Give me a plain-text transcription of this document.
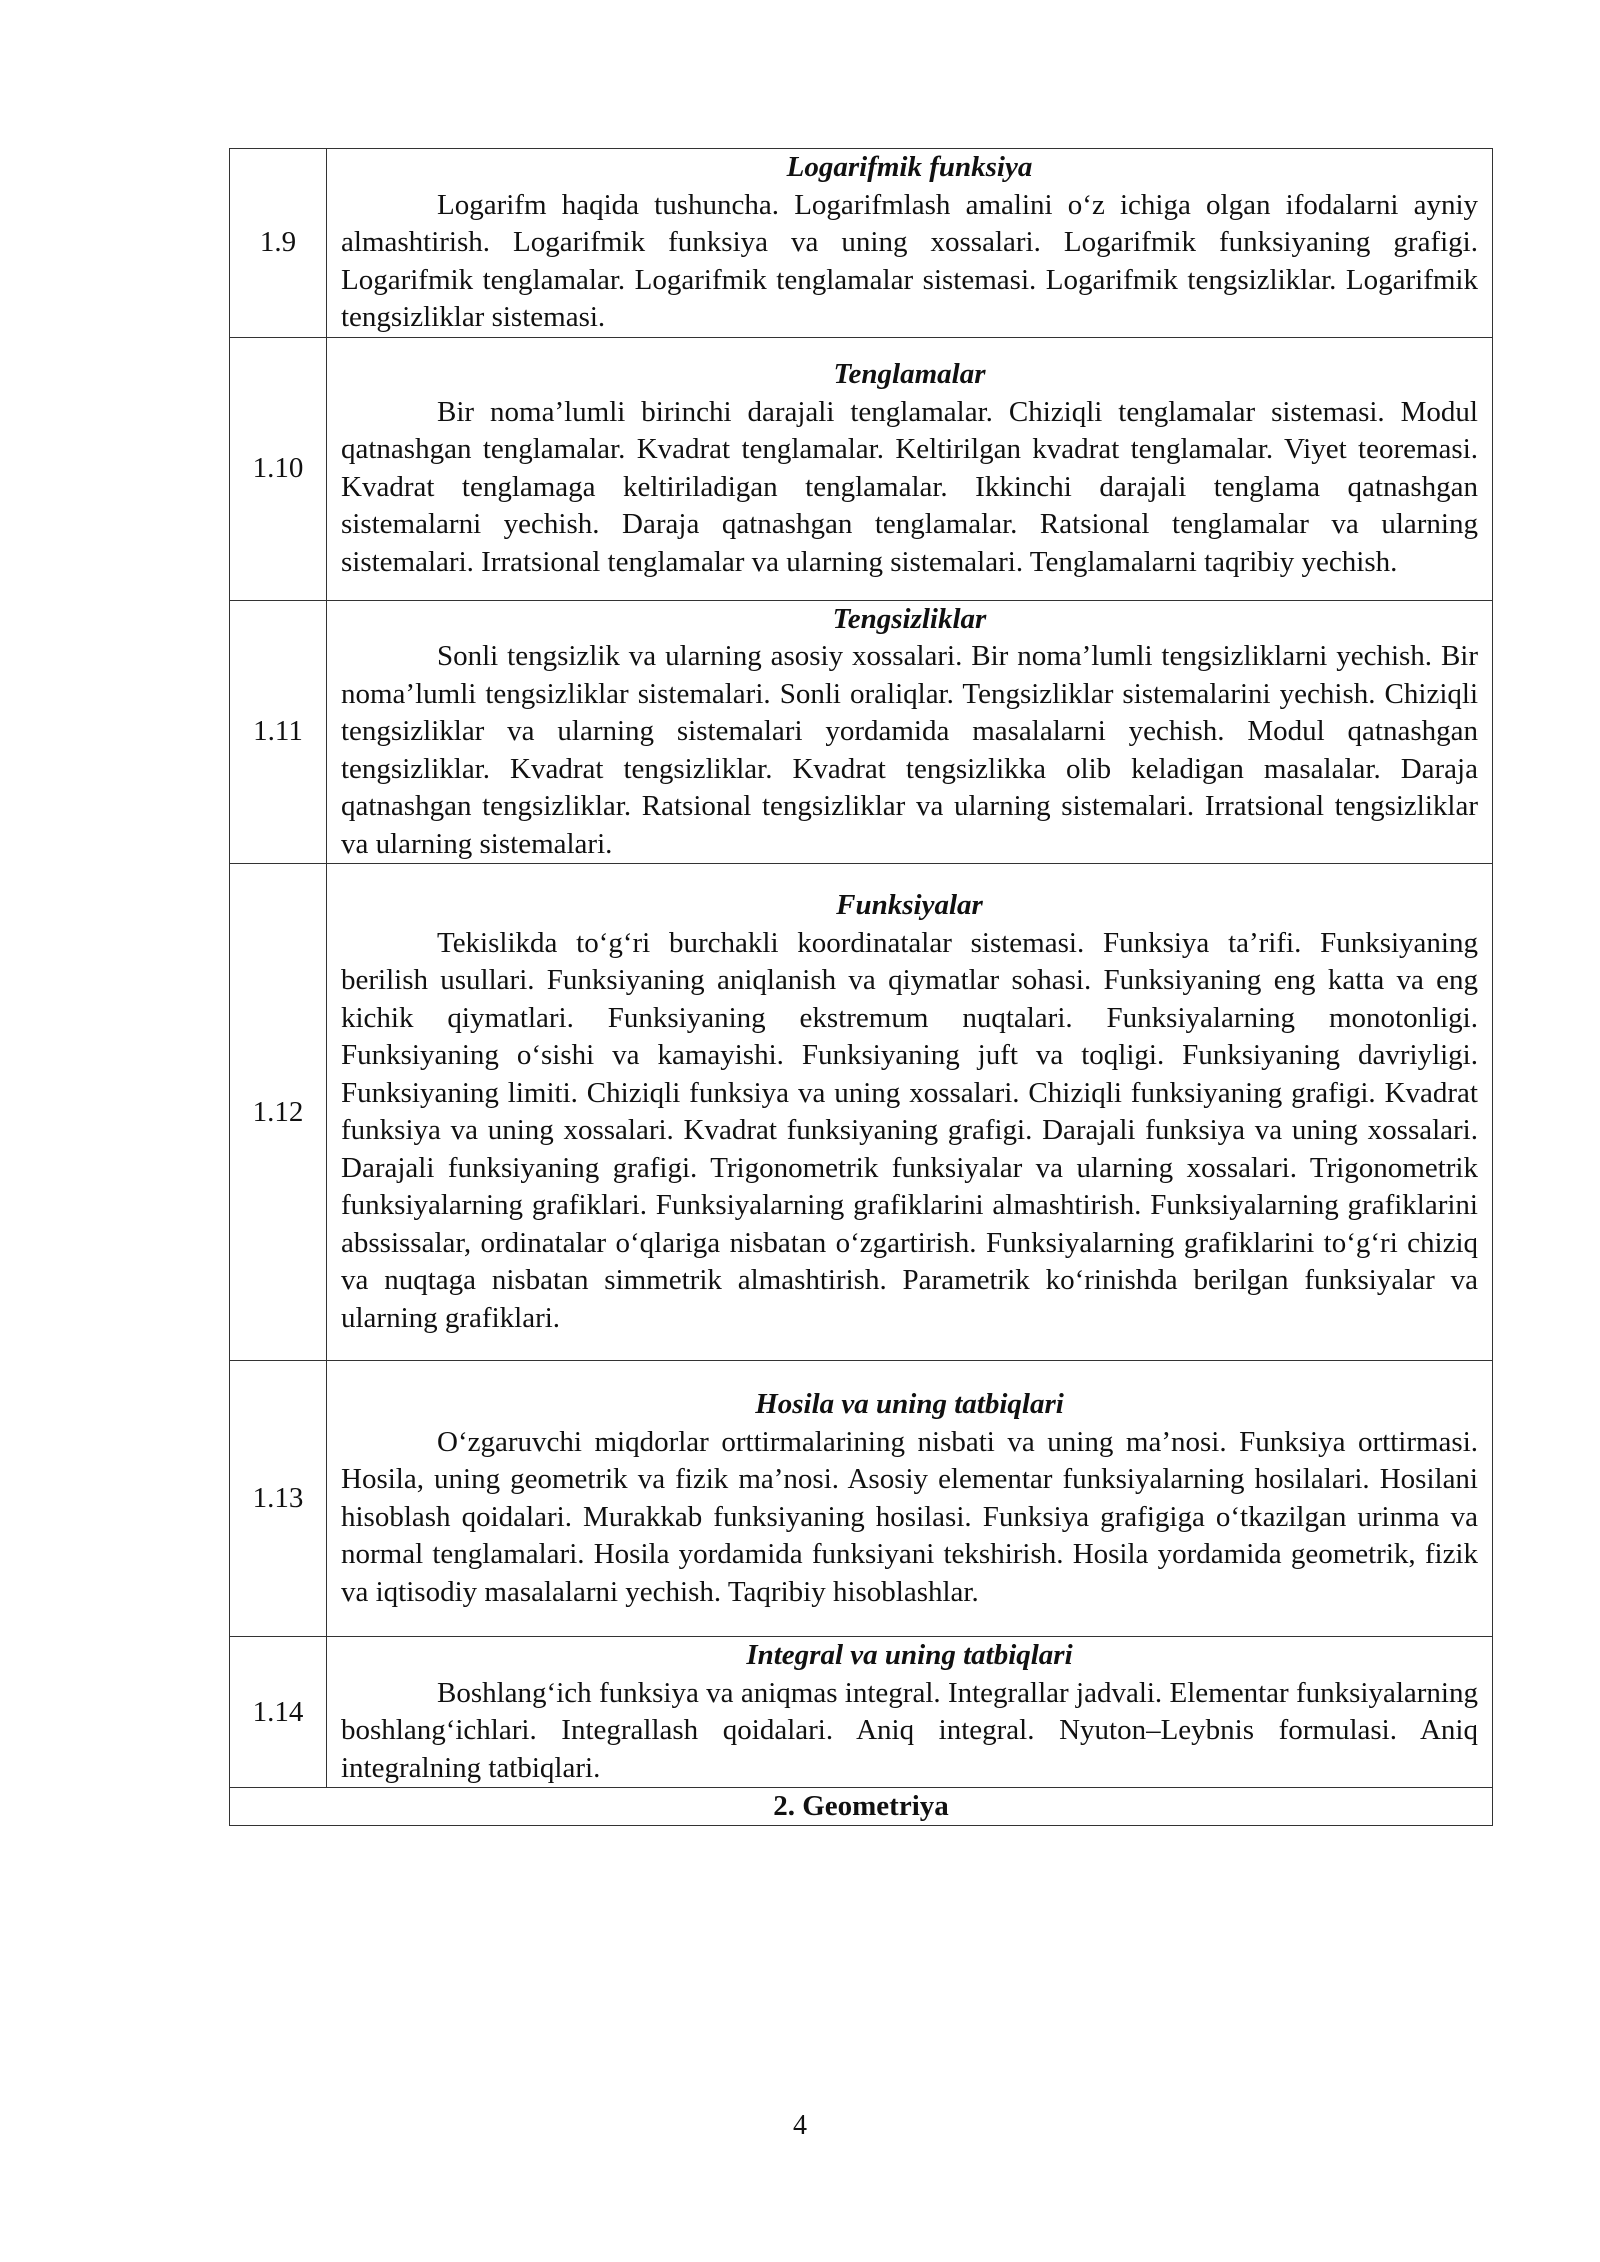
1.9	Logarifmik funksiya

Logarifm haqida tushuncha. Logarifmlash amalini o‘z ichiga olgan ifodalarni ayniy almashtirish. Logarifmik funksiya va uning xossalari. Logarifmik funksiyaning grafigi. Logarifmik tenglamalar. Logarifmik tenglamalar sistemasi. Logarifmik tengsizliklar. Logarifmik tengsizliklar sistemasi.

1.10	Tenglamalar

Bir noma’lumli birinchi darajali tenglamalar. Chiziqli tenglamalar sistemasi. Modul qatnashgan tenglamalar. Kvadrat tenglamalar. Keltirilgan kvadrat tenglamalar. Viyet teoremasi. Kvadrat tenglamaga keltiriladigan tenglamalar. Ikkinchi darajali tenglama qatnashgan sistemalarni yechish. Daraja qatnashgan tenglamalar. Ratsional tenglamalar va ularning sistemalari. Irratsional tenglamalar va ularning sistemalari. Tenglamalarni taqribiy yechish.

1.11	Tengsizliklar

Sonli tengsizlik va ularning asosiy xossalari. Bir noma’lumli tengsizliklarni yechish. Bir noma’lumli tengsizliklar sistemalari. Sonli oraliqlar. Tengsizliklar sistemalarini yechish. Chiziqli tengsizliklar va ularning sistemalari yordamida masalalarni yechish. Modul qatnashgan tengsizliklar. Kvadrat tengsizliklar. Kvadrat tengsizlikka olib keladigan masalalar. Daraja qatnashgan tengsizliklar. Ratsional tengsizliklar va ularning sistemalari. Irratsional tengsizliklar va ularning sistemalari.

1.12	Funksiyalar

Tekislikda to‘g‘ri burchakli koordinatalar sistemasi. Funksiya ta’rifi. Funksiyaning berilish usullari. Funksiyaning aniqlanish va qiymatlar sohasi. Funksiyaning eng katta va eng kichik qiymatlari. Funksiyaning ekstremum nuqtalari. Funksiyalarning monotonligi. Funksiyaning o‘sishi va kamayishi. Funksiyaning juft va toqligi. Funksiyaning davriyligi. Funksiyaning limiti. Chiziqli funksiya va uning xossalari. Chiziqli funksiyaning grafigi. Kvadrat funksiya va uning xossalari. Kvadrat funksiyaning grafigi. Darajali funksiya va uning xossalari. Darajali funksiyaning grafigi. Trigonometrik funksiyalar va ularning xossalari. Trigonometrik funksiyalarning grafiklari. Funksiyalarning grafiklarini almashtirish. Funksiyalarning grafiklarini abssissalar, ordinatalar o‘qlariga nisbatan o‘zgartirish. Funksiyalarning grafiklarini to‘g‘ri chiziq va nuqtaga nisbatan simmetrik almashtirish. Parametrik ko‘rinishda berilgan funksiyalar va ularning grafiklari.

1.13	Hosila va uning tatbiqlari

O‘zgaruvchi miqdorlar orttirmalarining nisbati va uning ma’nosi. Funksiya orttirmasi. Hosila, uning geometrik va fizik ma’nosi. Asosiy elementar funksiyalarning hosilalari. Hosilani hisoblash qoidalari. Murakkab funksiyaning hosilasi. Funksiya grafigiga o‘tkazilgan urinma va normal tenglamalari. Hosila yordamida funksiyani tekshirish. Hosila yordamida geometrik, fizik va iqtisodiy masalalarni yechish. Taqribiy hisoblashlar.

1.14	Integral va uning tatbiqlari

Boshlang‘ich funksiya va aniqmas integral. Integrallar jadvali. Elementar funksiyalarning boshlang‘ichlari. Integrallash qoidalari. Aniq integral. Nyuton–Leybnis formulasi. Aniq integralning tatbiqlari.

2. Geometriya	
4
